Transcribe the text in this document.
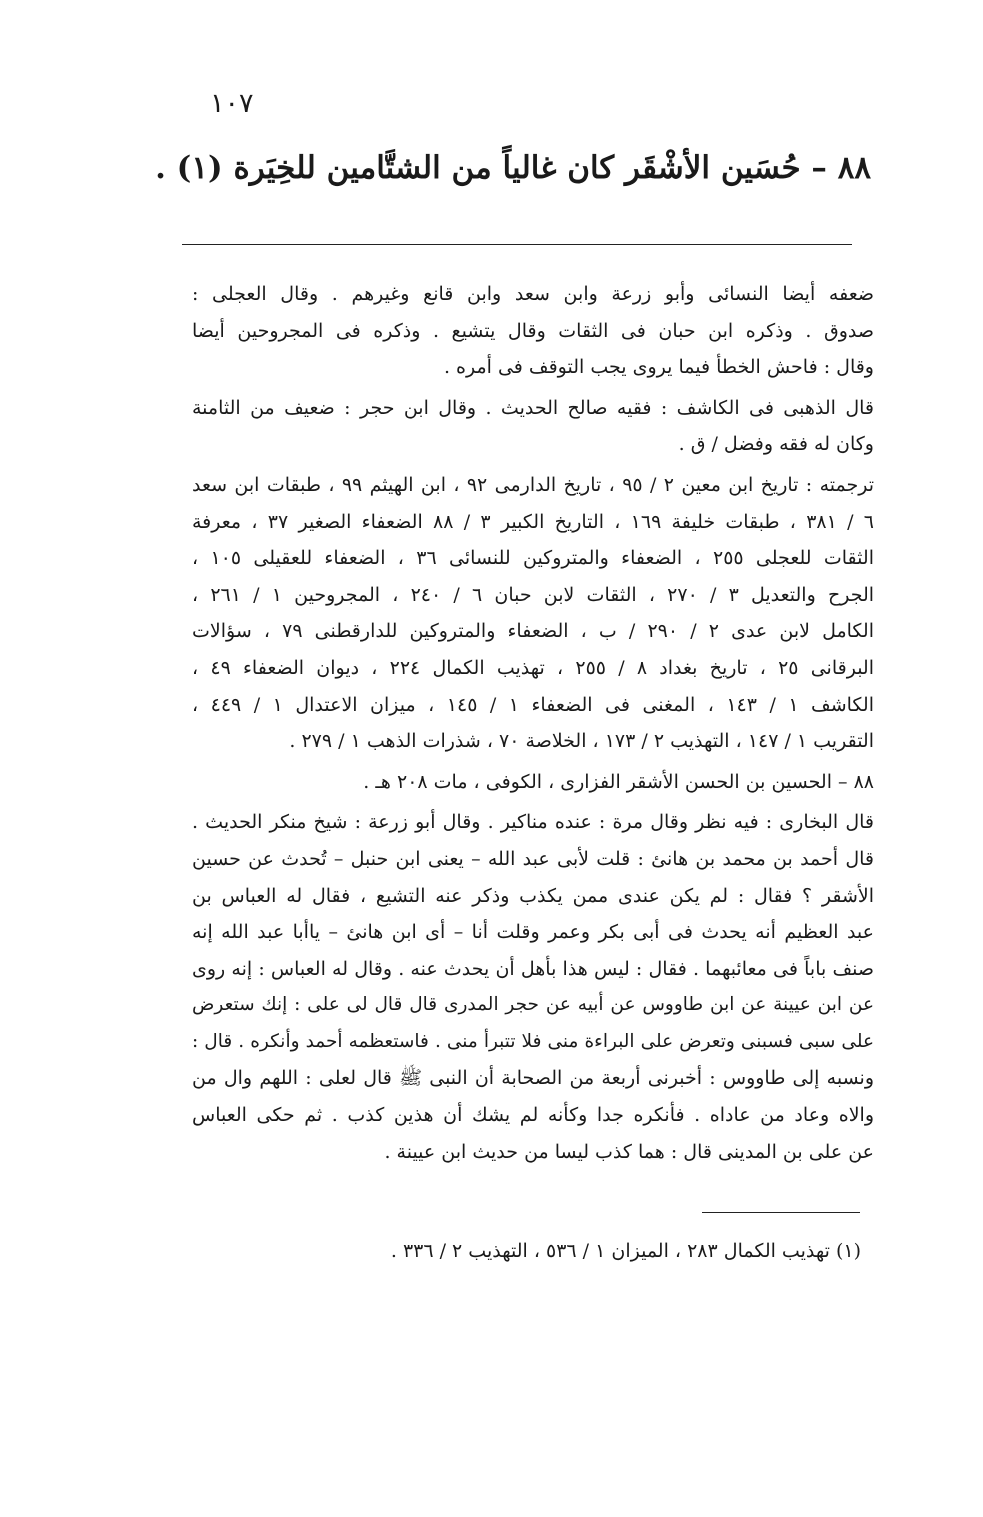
١٠٧
٨٨ – حُسَين الأشْقَر كان غالياً من الشتَّامين للخِيَرة (١) .
ضعفه أيضا النسائى وأبو زرعة وابن سعد وابن قانع وغيرهم . وقال العجلى :
صدوق . وذكره ابن حبان فى الثقات وقال يتشيع . وذكره فى المجروحين أيضا
وقال : فاحش الخطأ فيما يروى يجب التوقف فى أمره .
قال الذهبى فى الكاشف : فقيه صالح الحديث . وقال ابن حجر : ضعيف من الثامنة
وكان له فقه وفضل / ق .
ترجمته : تاريخ ابن معين ٢ / ٩٥ ، تاريخ الدارمى ٩٢ ، ابن الهيثم ٩٩ ، طبقات ابن سعد
٦ / ٣٨١ ، طبقات خليفة ١٦٩ ، التاريخ الكبير ٣ / ٨٨ الضعفاء الصغير ٣٧ ، معرفة
الثقات للعجلى ٢٥٥ ، الضعفاء والمتروكين للنسائى ٣٦ ، الضعفاء للعقيلى ١٠٥ ،
الجرح والتعديل ٣ / ٢٧٠ ، الثقات لابن حبان ٦ / ٢٤٠ ، المجروحين ١ / ٢٦١ ،
الكامل لابن عدى ٢ / ٢٩٠ / ب ، الضعفاء والمتروكين للدارقطنى ٧٩ ، سؤالات
البرقانى ٢٥ ، تاريخ بغداد ٨ / ٢٥٥ ، تهذيب الكمال ٢٢٤ ، ديوان الضعفاء ٤٩ ،
الكاشف ١ / ١٤٣ ، المغنى فى الضعفاء ١ / ١٤٥ ، ميزان الاعتدال ١ / ٤٤٩ ،
التقريب ١ / ١٤٧ ، التهذيب ٢ / ١٧٣ ، الخلاصة ٧٠ ، شذرات الذهب ١ / ٢٧٩ .
٨٨ – الحسين بن الحسن الأشقر الفزارى ، الكوفى ، مات ٢٠٨ هـ .
قال البخارى : فيه نظر وقال مرة : عنده مناكير . وقال أبو زرعة : شيخ منكر الحديث .
قال أحمد بن محمد بن هانئ : قلت لأبى عبد الله – يعنى ابن حنبل – تُحدث عن حسين
الأشقر ؟ فقال : لم يكن عندى ممن يكذب وذكر عنه التشيع ، فقال له العباس بن
عبد العظيم أنه يحدث فى أبى بكر وعمر وقلت أنا – أى ابن هانئ – ياأبا عبد الله إنه
صنف باباً فى معائبهما . فقال : ليس هذا بأهل أن يحدث عنه . وقال له العباس : إنه روى
عن ابن عيينة عن ابن طاووس عن أبيه عن حجر المدرى قال قال لى على : إنك ستعرض
على سبى فسبنى وتعرض على البراءة منى فلا تتبرأ منى . فاستعظمه أحمد وأنكره . قال :
ونسبه إلى طاووس : أخبرنى أربعة من الصحابة أن النبى ﷺ قال لعلى : اللهم وال من
والاه وعاد من عاداه . فأنكره جدا وكأنه لم يشك أن هذين كذب . ثم حكى العباس
عن على بن المدينى قال : هما كذب ليسا من حديث ابن عيينة .
(١) تهذيب الكمال ٢٨٣ ، الميزان ١ / ٥٣٦ ، التهذيب ٢ / ٣٣٦ .
